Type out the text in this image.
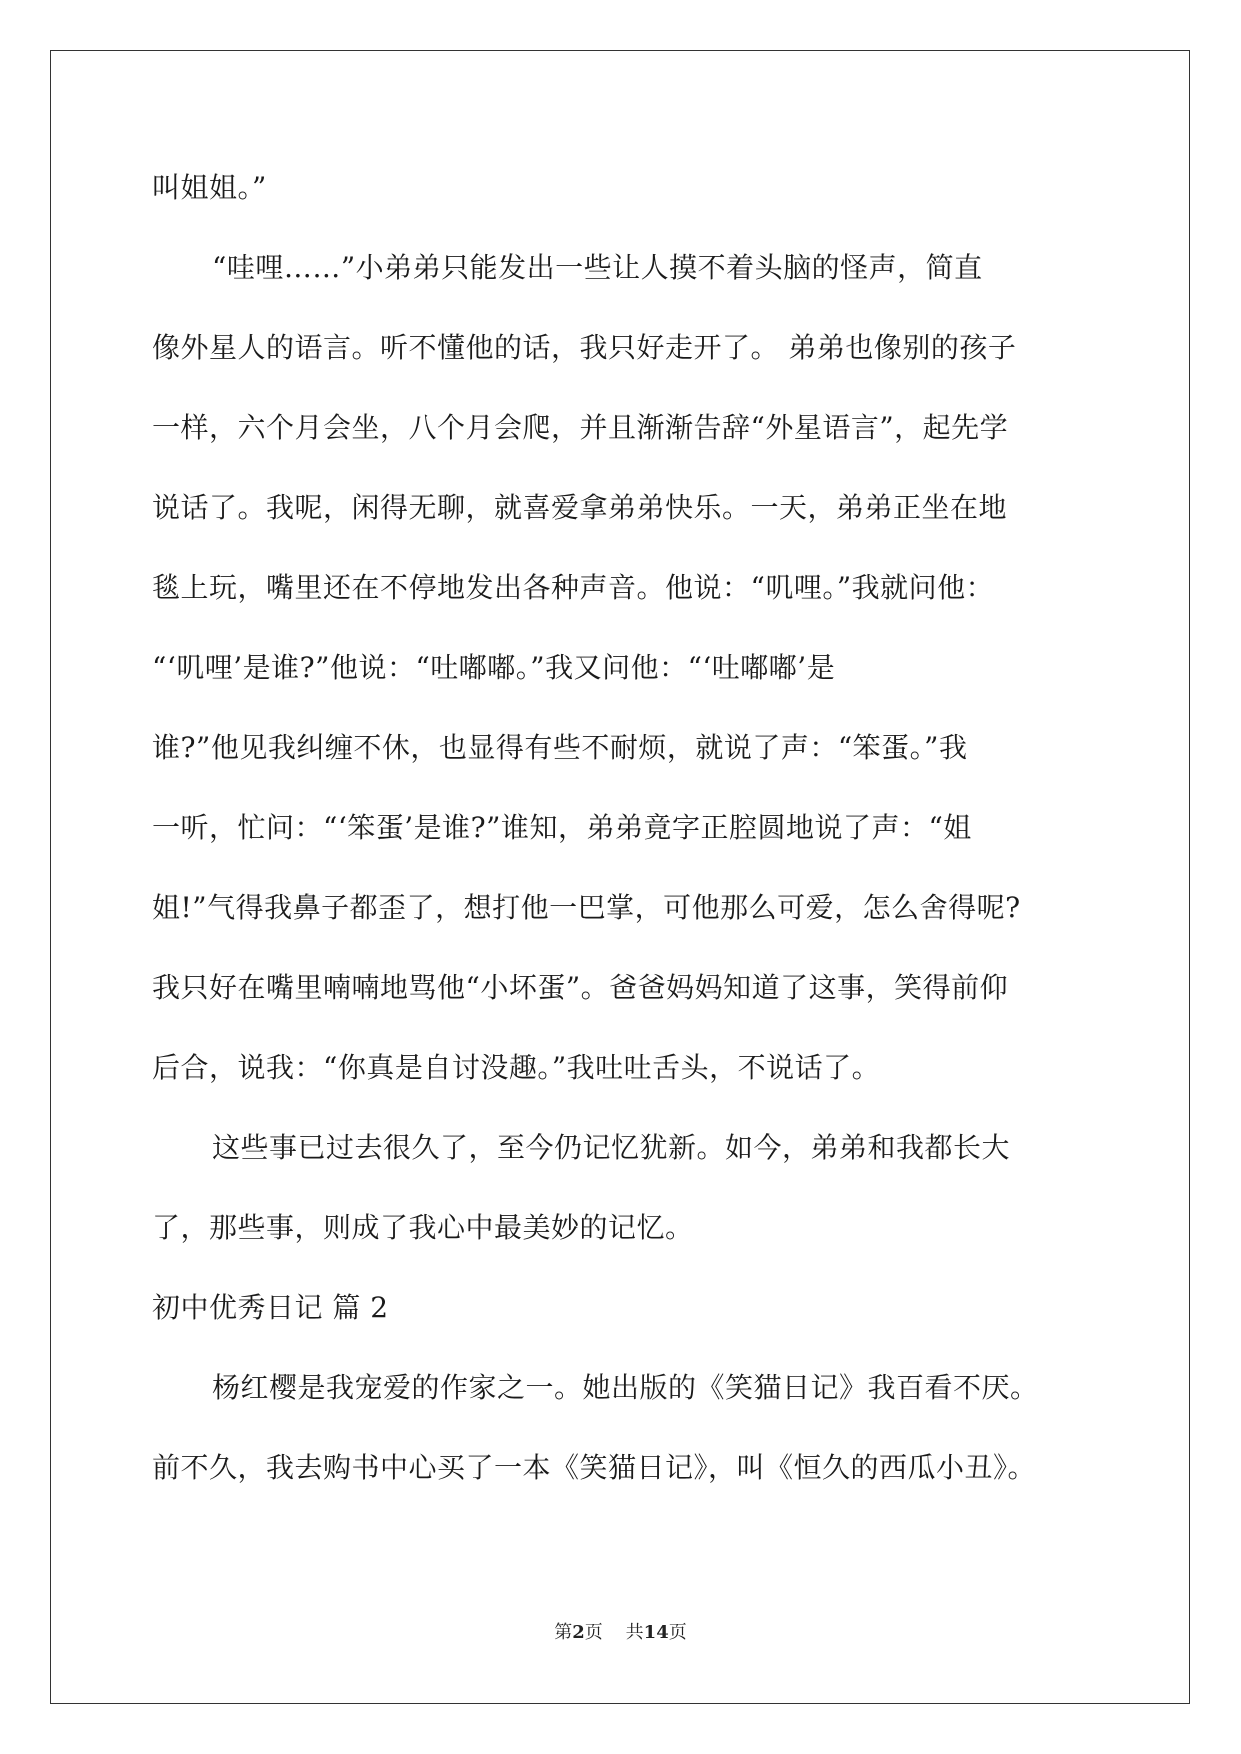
叫姐姐。”
“哇哩……”小弟弟只能发出一些让人摸不着头脑的怪声，简直
像外星人的语言。听不懂他的话，我只好走开了。 弟弟也像别的孩子
一样，六个月会坐，八个月会爬，并且渐渐告辞“外星语言”，起先学
说话了。我呢，闲得无聊，就喜爱拿弟弟快乐。一天，弟弟正坐在地
毯上玩，嘴里还在不停地发出各种声音。他说：“叽哩。”我就问他：
“‘叽哩’是谁?”他说：“吐嘟嘟。”我又问他：“‘吐嘟嘟’是
谁?”他见我纠缠不休，也显得有些不耐烦，就说了声：“笨蛋。”我
一听，忙问：“‘笨蛋’是谁?”谁知，弟弟竟字正腔圆地说了声：“姐
姐!”气得我鼻子都歪了，想打他一巴掌，可他那么可爱，怎么舍得呢?
我只好在嘴里喃喃地骂他“小坏蛋”。爸爸妈妈知道了这事，笑得前仰
后合，说我：“你真是自讨没趣。”我吐吐舌头，不说话了。
这些事已过去很久了，至今仍记忆犹新。如今，弟弟和我都长大
了，那些事，则成了我心中最美妙的记忆。
初中优秀日记 篇 2
杨红樱是我宠爱的作家之一。她出版的《笑猫日记》我百看不厌。
前不久，我去购书中心买了一本《笑猫日记》，叫《恒久的西瓜小丑》。
第2页 共14页
